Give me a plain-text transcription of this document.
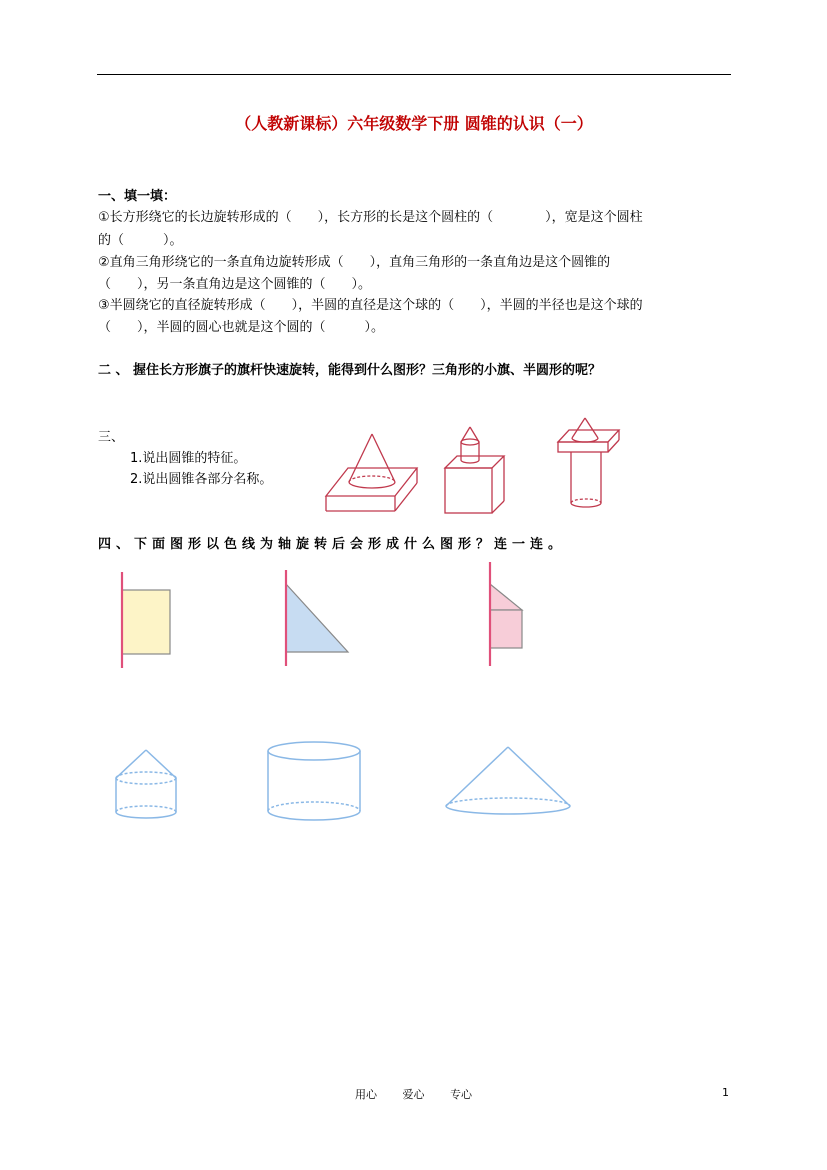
（人教新课标）六年级数学下册 圆锥的认识（一）
一、填一填：
①长方形绕它的长边旋转形成的（　　），长方形的长是这个圆柱的（　　　　），宽是这个圆柱
的（　　　）。
②直角三角形绕它的一条直角边旋转形成（　　），直角三角形的一条直角边是这个圆锥的
（　　），另一条直角边是这个圆锥的（　　）。
③半圆绕它的直径旋转形成（　　），半圆的直径是这个球的（　　），半圆的半径也是这个球的
（　　），半圆的圆心也就是这个圆的（　　　）。
二 、 握住长方形旗子的旗杆快速旋转，能得到什么图形？三角形的小旗、半圆形的呢？
三、
1.说出圆锥的特征。
2.说出圆锥各部分名称。
四、下面图形以色线为轴旋转后会形成什么图形？连一连。
用心 爱心 专心	1
